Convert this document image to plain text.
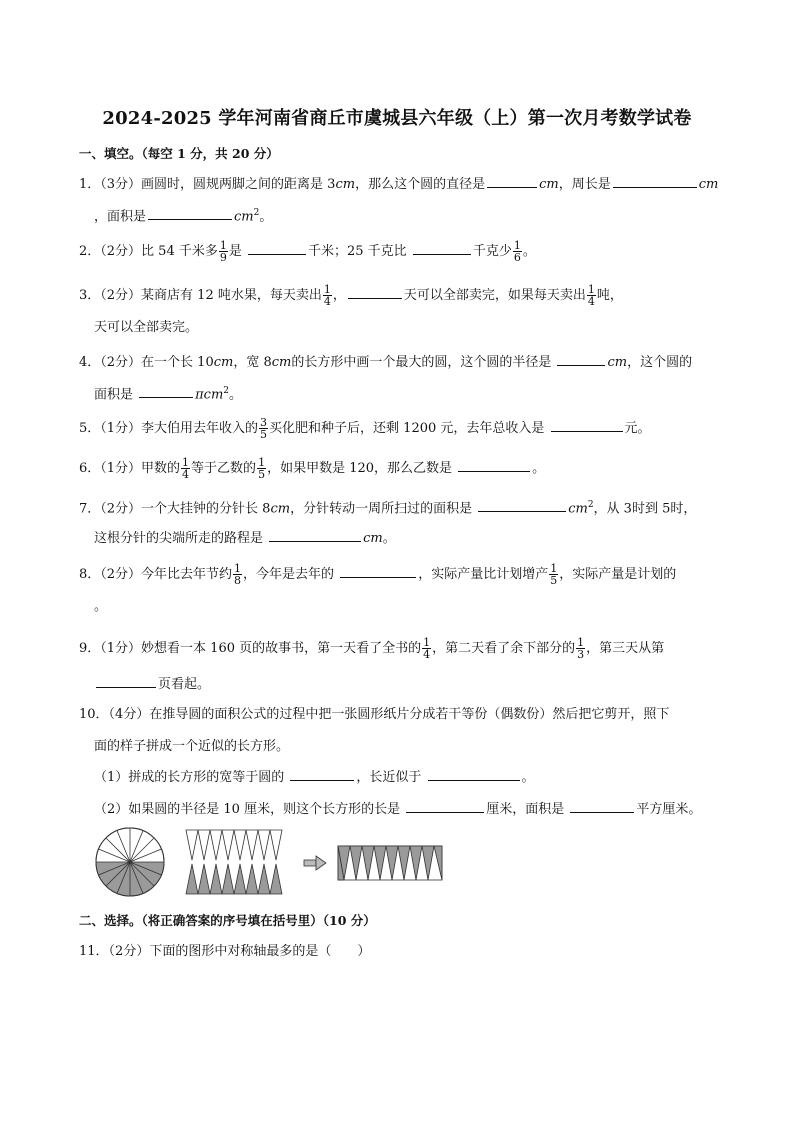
2024-2025 学年河南省商丘市虞城县六年级（上）第一次月考数学试卷
一、填空。（每空 1 分，共 20 分）
1．（3分）画圆时，圆规两脚之间的距离是 3cm，那么这个圆的直径是	cm，周长是	cm
，面积是	$cm^2$。
2．（2分）比 54 千米多 $\frac{1}{9}$ 是	千米；25 千克比	千克少 $\frac{1}{6}$ 。
3．（2分）某商店有 12 吨水果，每天卖出 $\frac{1}{4}$ ，	天可以全部卖完，如果每天卖出 $\frac{1}{4}$ 吨，
天可以全部卖完。
4．（2分）在一个长 10cm，宽 8cm的长方形中画一个最大的圆，这个圆的半径是	cm，这个圆的
面积是	πcm$^2$。
5．（1分）李大伯用去年收入的 $\frac{3}{5}$ 买化肥和种子后，还剩 1200 元，去年总收入是	元。
6．（1分）甲数的 $\frac{1}{4}$ 等于乙数的 $\frac{1}{5}$ ，如果甲数是 120，那么乙数是	。
7．（2分）一个大挂钟的分针长 8cm，分针转动一周所扫过的面积是	$cm^2$，从 3时到 5时，
这根分针的尖端所走的路程是	cm。
8．（2分）今年比去年节约 $\frac{1}{8}$ ，今年是去年的	，实际产量比计划增产 $\frac{1}{5}$ ，实际产量是计划的
。
9．（1分）妙想看一本 160 页的故事书，第一天看了全书的 $\frac{1}{4}$ ，第二天看了余下部分的 $\frac{1}{3}$ ，第三天从第
页看起。
10．（4分）在推导圆的面积公式的过程中把一张圆形纸片分成若干等份（偶数份）然后把它剪开，照下
面的样子拼成一个近似的长方形。
（1）拼成的长方形的宽等于圆的	，长近似于	。
（2）如果圆的半径是 10 厘米，则这个长方形的长是	厘米，面积是	平方厘米。
二、选择。（将正确答案的序号填在括号里）（10 分）
11．（2分）下面的图形中对称轴最多的是（　　）
